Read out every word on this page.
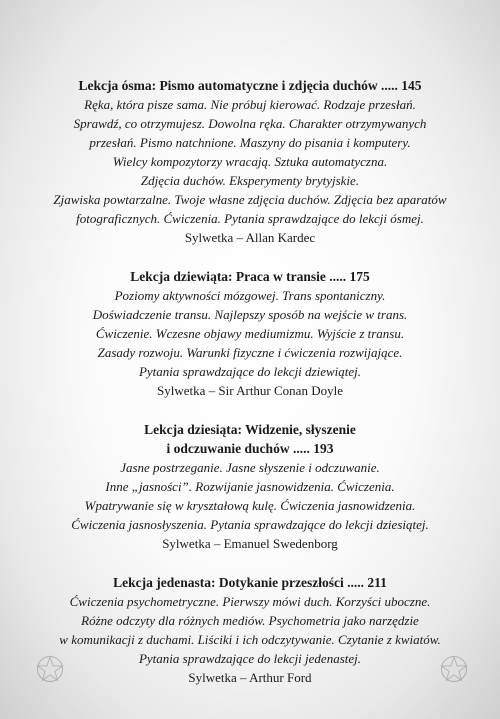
Lekcja ósma: Pismo automatyczne i zdjęcia duchów ..... 145
Ręka, która pisze sama. Nie próbuj kierować. Rodzaje przesłań.
Sprawdź, co otrzymujesz. Dowolna ręka. Charakter otrzymywanych
przesłań. Pismo natchnione. Maszyny do pisania i komputery.
Wielcy kompozytorzy wracają. Sztuka automatyczna.
Zdjęcia duchów. Eksperymenty brytyjskie.
Zjawiska powtarzalne. Twoje własne zdjęcia duchów. Zdjęcia bez aparatów
fotograficznych. Ćwiczenia. Pytania sprawdzające do lekcji ósmej.
Sylwetka – Allan Kardec
Lekcja dziewiąta: Praca w transie ..... 175
Poziomy aktywności mózgowej. Trans spontaniczny.
Doświadczenie transu. Najlepszy sposób na wejście w trans.
Ćwiczenie. Wczesne objawy mediumizmu. Wyjście z transu.
Zasady rozwoju. Warunki fizyczne i ćwiczenia rozwijające.
Pytania sprawdzające do lekcji dziewiątej.
Sylwetka – Sir Arthur Conan Doyle
Lekcja dziesiąta: Widzenie, słyszenie
i odczuwanie duchów ..... 193
Jasne postrzeganie. Jasne słyszenie i odczuwanie.
Inne „jasności”. Rozwijanie jasnowidzenia. Ćwiczenia.
Wpatrywanie się w kryształową kulę. Ćwiczenia jasnowidzenia.
Ćwiczenia jasnosłyszenia. Pytania sprawdzające do lekcji dziesiątej.
Sylwetka – Emanuel Swedenborg
Lekcja jedenasta: Dotykanie przeszłości ..... 211
Ćwiczenia psychometryczne. Pierwszy mówi duch. Korzyści uboczne.
Różne odczyty dla różnych mediów. Psychometria jako narzędzie
w komunikacji z duchami. Liściki i ich odczytywanie. Czytanie z kwiatów.
Pytania sprawdzające do lekcji jedenastej.
Sylwetka – Arthur Ford
